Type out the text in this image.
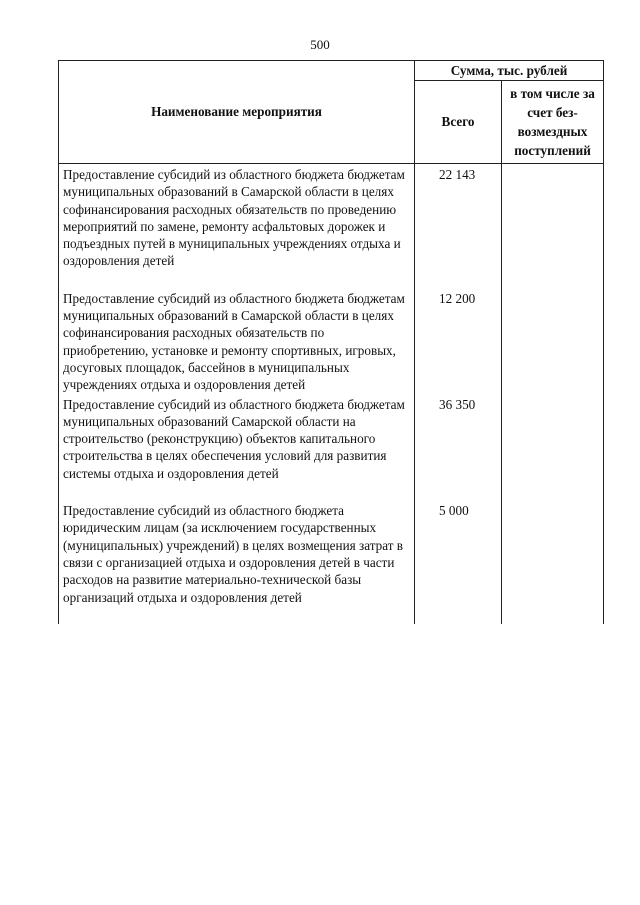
500
Наименование мероприятия	Сумма, тыс. рублей	
	Всего	в том числе за счет без-возмездных поступлений
Предоставление субсидий из областного бюджета бюджетам муниципальных образований в Самарской области в целях софинансирования расходных обязательств по проведению мероприятий по замене, ремонту асфальтовых дорожек и подъездных путей в муниципальных учреждениях отдыха и оздоровления детей	22 143	

Предоставление субсидий из областного бюджета бюджетам муниципальных образований в Самарской области в целях софинансирования расходных обязательств по приобретению, установке и ремонту спортивных, игровых, досуговых площадок, бассейнов в муниципальных учреждениях отдыха и оздоровления детей	12 200	
Предоставление субсидий из областного бюджета бюджетам муниципальных образований Самарской области на строительство (реконструкцию) объектов капитального строительства в целях обеспечения условий для развития системы отдыха и оздоровления детей	36 350	

Предоставление субсидий из областного бюджета юридическим лицам (за исключением государственных (муниципальных) учреждений) в целях возмещения затрат в связи с организацией отдыха и оздоровления детей в части расходов на развитие материально-технической базы организаций отдыха и оздоровления детей	5 000	
